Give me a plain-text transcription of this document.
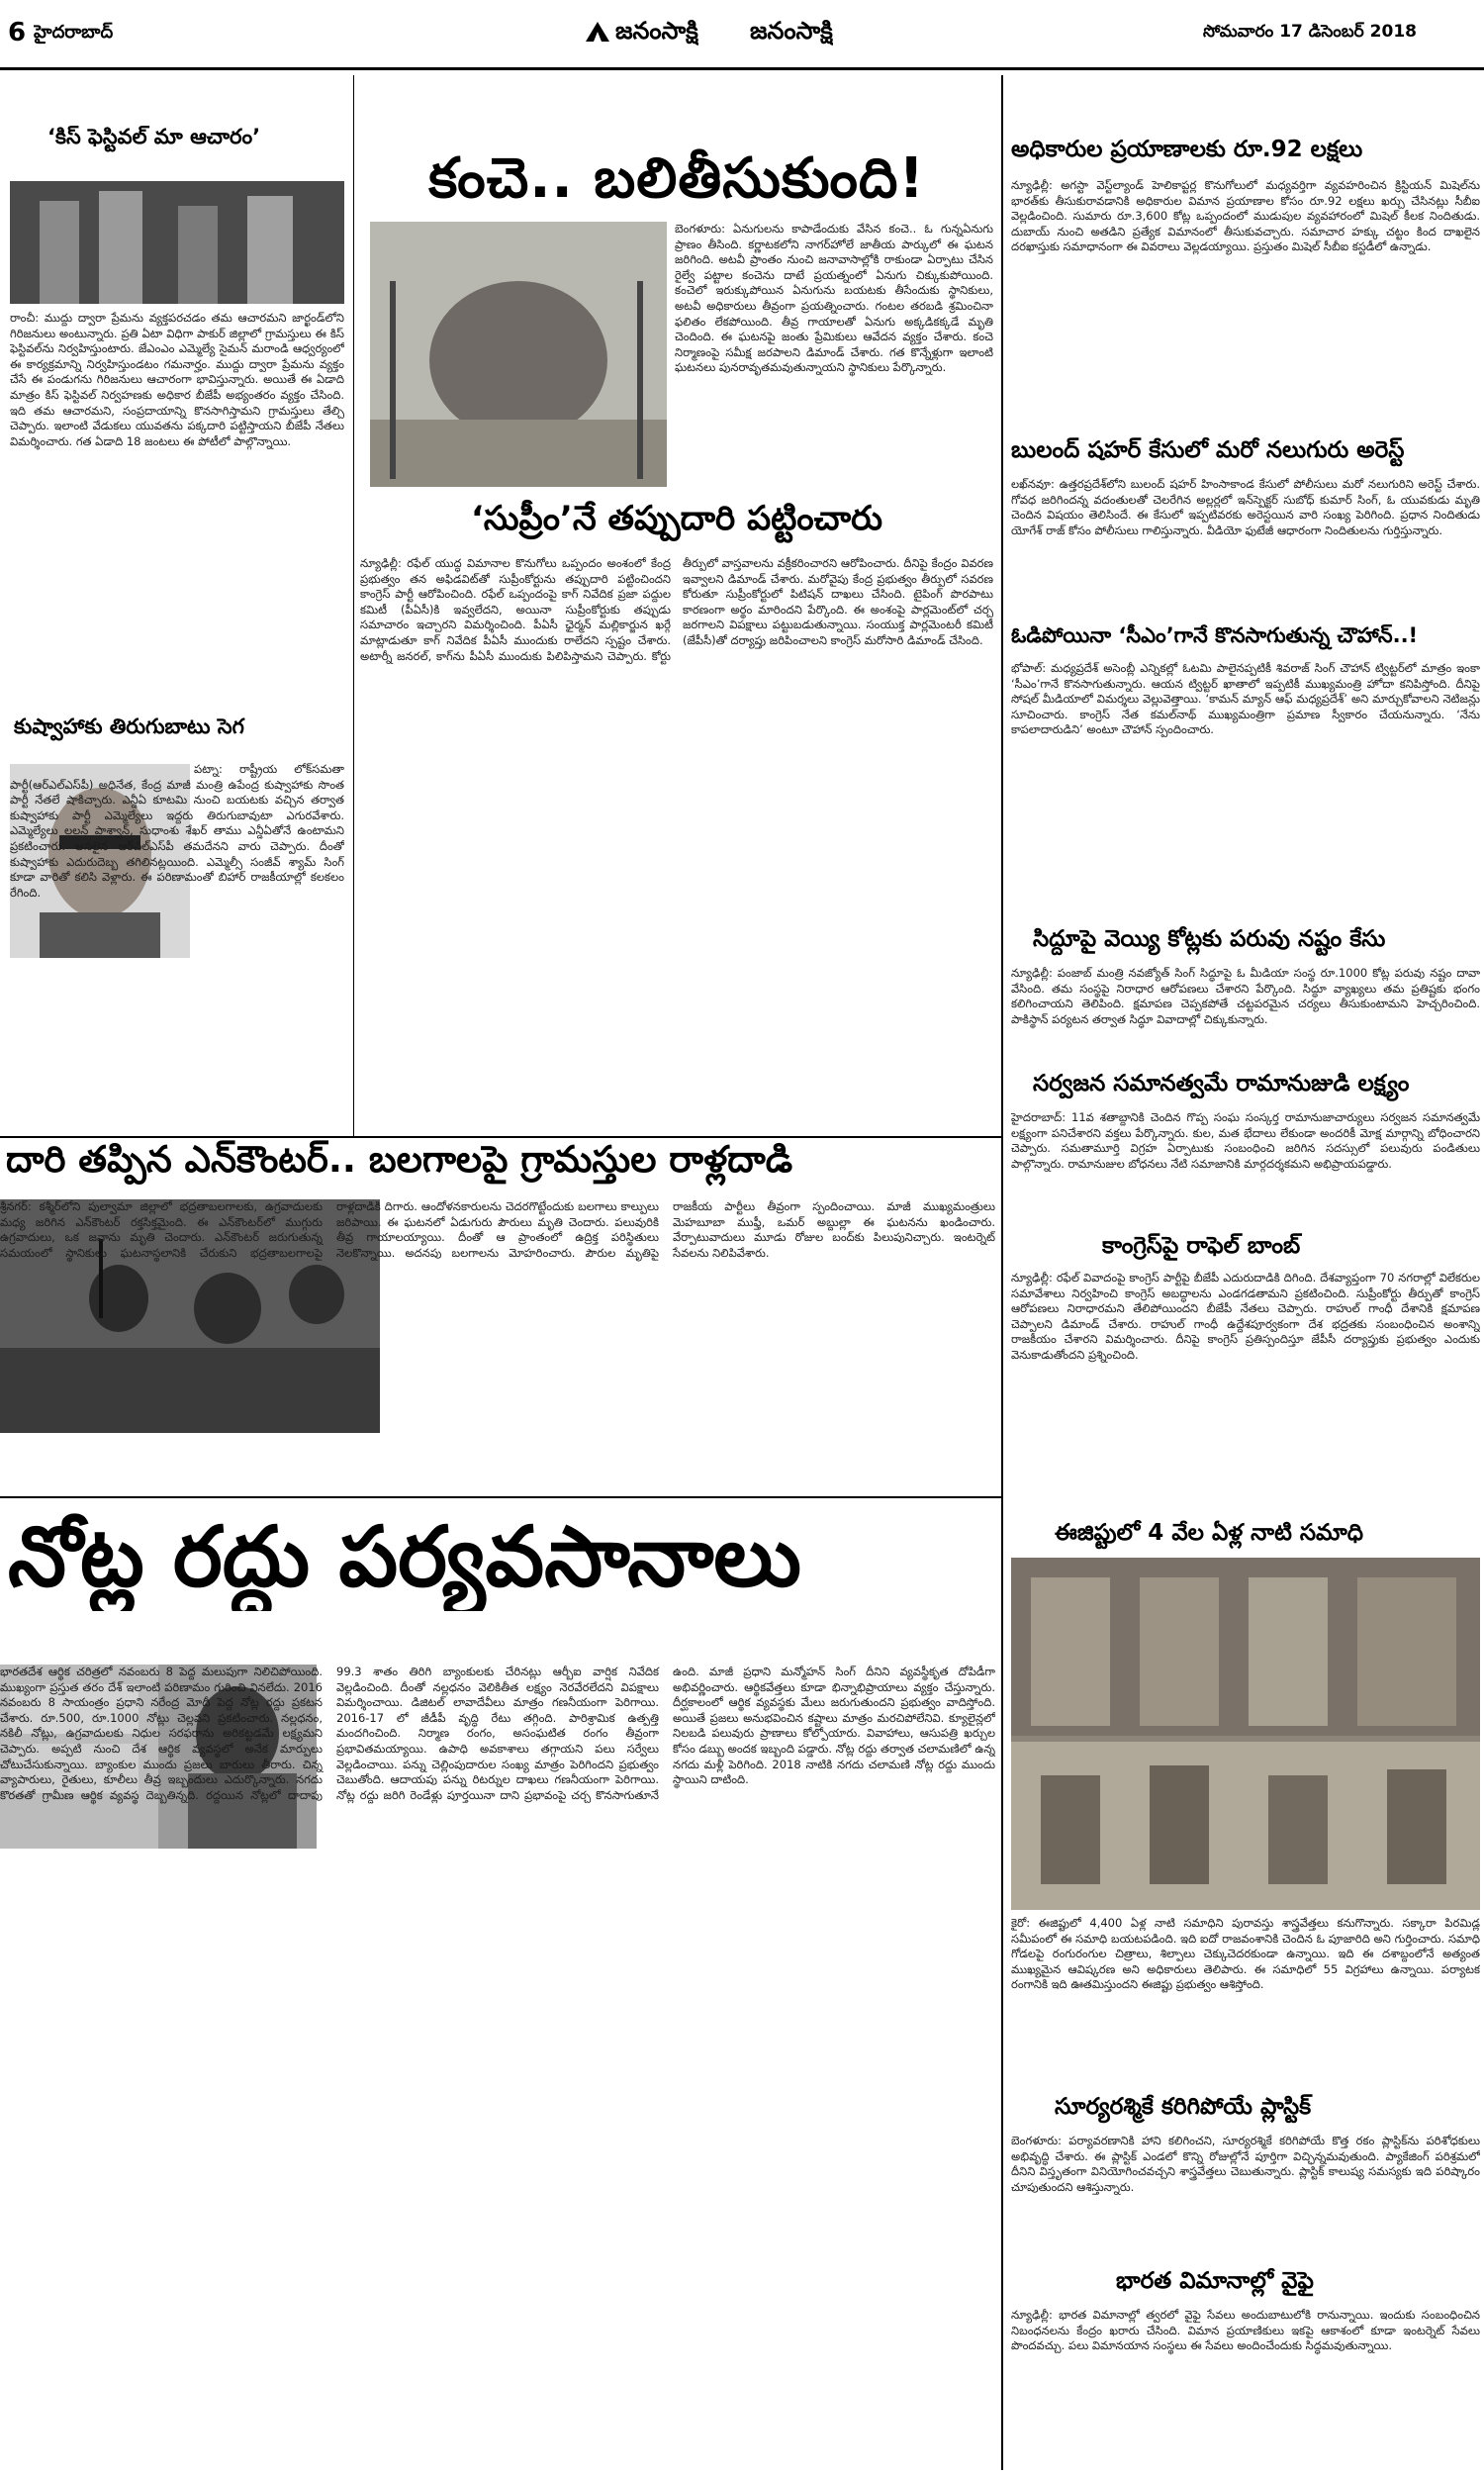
6 హైదరాబాద్	జనంసాక్షి జనంసాక్షి	సోమవారం 17 డిసెంబర్ 2018
‘కిస్ ఫెస్టివల్ మా ఆచారం’
రాంచీ: ముద్దు ద్వారా ప్రేమను వ్యక్తపరచడం తమ ఆచారమని జార్ఖండ్‌లోని గిరిజనులు అంటున్నారు. ప్రతి ఏటా విధిగా పాకుర్ జిల్లాలో గ్రామస్తులు ఈ కిస్ ఫెస్టివల్‌ను నిర్వహిస్తుంటారు. జేఎంఎం ఎమ్మెల్యే సైమన్ మరాండి ఆధ్వర్యంలో ఈ కార్యక్రమాన్ని నిర్వహిస్తుండటం గమనార్హం. ముద్దు ద్వారా ప్రేమను వ్యక్తం చేసే ఈ పండుగను గిరిజనులు ఆచారంగా భావిస్తున్నారు. అయితే ఈ ఏడాది మాత్రం కిస్ ఫెస్టివల్‌ నిర్వహణకు అధికార బీజేపీ అభ్యంతరం వ్యక్తం చేసింది. ఇది తమ ఆచారమని, సంప్రదాయాన్ని కొనసాగిస్తామని గ్రామస్తులు తేల్చి చెప్పారు. ఇలాంటి వేడుకలు యువతను పక్కదారి పట్టిస్తాయని బీజేపీ నేతలు విమర్శించారు. గత ఏడాది 18 జంటలు ఈ పోటీలో పాల్గొన్నాయి.
కుష్వాహాకు తిరుగుబాటు సెగ
పట్నా: రాష్ట్రీయ లోక్‌సమతా పార్టీ(ఆర్‌ఎల్‌ఎస్‌పీ) అధినేత, కేంద్ర మాజీ మంత్రి ఉపేంద్ర కుష్వాహాకు సొంత పార్టీ నేతలే షాకిచ్చారు. ఎన్డీఏ కూటమి నుంచి బయటకు వచ్చిన తర్వాత కుష్వాహాకు పార్టీ ఎమ్మెల్యేలు ఇద్దరు తిరుగుబావుటా ఎగురవేశారు. ఎమ్మెల్యేలు లలన్ పాశ్వాన్, సుధాంశు శేఖర్ తాము ఎన్డీఏతోనే ఉంటామని ప్రకటించారు. అసలైన ఆర్‌ఎల్‌ఎస్‌పీ తమదేనని వారు చెప్పారు. దీంతో కుష్వాహాకు ఎదురుదెబ్బ తగిలినట్లయింది. ఎమ్మెల్సీ సంజీవ్ శ్యామ్ సింగ్ కూడా వారితో కలిసి వెళ్లారు. ఈ పరిణామంతో బిహార్ రాజకీయాల్లో కలకలం రేగింది.
కంచె.. బలితీసుకుంది!
బెంగళూరు: ఏనుగులను కాపాడేందుకు వేసిన కంచె.. ఓ గున్నఏనుగు ప్రాణం తీసింది. కర్ణాటకలోని నాగర్‌హోలే జాతీయ పార్కులో ఈ ఘటన జరిగింది. అటవీ ప్రాంతం నుంచి జనావాసాల్లోకి రాకుండా ఏర్పాటు చేసిన రైల్వే పట్టాల కంచెను దాటే ప్రయత్నంలో ఏనుగు చిక్కుకుపోయింది. కంచెలో ఇరుక్కుపోయిన ఏనుగును బయటకు తీసేందుకు స్థానికులు, అటవీ అధికారులు తీవ్రంగా ప్రయత్నించారు. గంటల తరబడి శ్రమించినా ఫలితం లేకపోయింది. తీవ్ర గాయాలతో ఏనుగు అక్కడికక్కడే మృతి చెందింది. ఈ ఘటనపై జంతు ప్రేమికులు ఆవేదన వ్యక్తం చేశారు. కంచె నిర్మాణంపై సమీక్ష జరపాలని డిమాండ్ చేశారు. గత కొన్నేళ్లుగా ఇలాంటి ఘటనలు పునరావృతమవుతున్నాయని స్థానికులు పేర్కొన్నారు.
‘సుప్రీం’నే తప్పుదారి పట్టించారు
న్యూఢిల్లీ: రఫేల్ యుద్ధ విమానాల కొనుగోలు ఒప్పందం అంశంలో కేంద్ర ప్రభుత్వం తన అఫిడవిట్‌తో సుప్రీంకోర్టును తప్పుదారి పట్టించిందని కాంగ్రెస్ పార్టీ ఆరోపించింది. రఫేల్ ఒప్పందంపై కాగ్ నివేదిక ప్రజా పద్దుల కమిటీ (పీఏసీ)కి ఇవ్వలేదని, అయినా సుప్రీంకోర్టుకు తప్పుడు సమాచారం ఇచ్చారని విమర్శించింది. పీఏసీ ఛైర్మన్ మల్లికార్జున ఖర్గే మాట్లాడుతూ కాగ్ నివేదిక పీఏసీ ముందుకు రాలేదని స్పష్టం చేశారు. అటార్నీ జనరల్, కాగ్‌ను పీఏసీ ముందుకు పిలిపిస్తామని చెప్పారు. కోర్టు తీర్పులో వాస్తవాలను వక్రీకరించారని ఆరోపించారు. దీనిపై కేంద్రం వివరణ ఇవ్వాలని డిమాండ్ చేశారు. మరోవైపు కేంద్ర ప్రభుత్వం తీర్పులో సవరణ కోరుతూ సుప్రీంకోర్టులో పిటిషన్ దాఖలు చేసింది. టైపింగ్ పొరపాటు కారణంగా అర్థం మారిందని పేర్కొంది. ఈ అంశంపై పార్లమెంట్‌లో చర్చ జరగాలని విపక్షాలు పట్టుబడుతున్నాయి. సంయుక్త పార్లమెంటరీ కమిటీ (జేపీసీ)తో దర్యాప్తు జరిపించాలని కాంగ్రెస్ మరోసారి డిమాండ్ చేసింది.
దారి తప్పిన ఎన్‌కౌంటర్.. బలగాలపై గ్రామస్తుల రాళ్లదాడి
శ్రీనగర్: కశ్మీర్‌లోని పుల్వామా జిల్లాలో భద్రతాబలగాలకు, ఉగ్రవాదులకు మధ్య జరిగిన ఎన్‌కౌంటర్ రక్తసిక్తమైంది. ఈ ఎన్‌కౌంటర్‌లో ముగ్గురు ఉగ్రవాదులు, ఒక జవాను మృతి చెందారు. ఎన్‌కౌంటర్ జరుగుతున్న సమయంలో స్థానికులు ఘటనాస్థలానికి చేరుకుని భద్రతాబలగాలపై రాళ్లదాడికి దిగారు. ఆందోళనకారులను చెదరగొట్టేందుకు బలగాలు కాల్పులు జరిపాయి. ఈ ఘటనలో ఏడుగురు పౌరులు మృతి చెందారు. పలువురికి తీవ్ర గాయాలయ్యాయి. దీంతో ఆ ప్రాంతంలో ఉద్రిక్త పరిస్థితులు నెలకొన్నాయి. అదనపు బలగాలను మోహరించారు. పౌరుల మృతిపై రాజకీయ పార్టీలు తీవ్రంగా స్పందించాయి. మాజీ ముఖ్యమంత్రులు మెహబూబా ముఫ్తీ, ఒమర్ అబ్దుల్లా ఈ ఘటనను ఖండించారు. వేర్పాటువాదులు మూడు రోజుల బంద్‌కు పిలుపునిచ్చారు. ఇంటర్నెట్ సేవలను నిలిపివేశారు.
నోట్ల రద్దు పర్యవసానాలు
భారతదేశ ఆర్థిక చరిత్రలో నవంబరు 8 పెద్ద మలుపుగా నిలిచిపోయింది. ముఖ్యంగా ప్రస్తుత తరం దేశ్ ఇలాంటి పరిణామం గురించి వినలేదు. 2016 నవంబరు 8 సాయంత్రం ప్రధాని నరేంద్ర మోదీ పెద్ద నోట్ల రద్దు ప్రకటన చేశారు. రూ.500, రూ.1000 నోట్లు చెల్లవని ప్రకటించారు. నల్లధనం, నకిలీ నోట్లు, ఉగ్రవాదులకు నిధుల సరఫరాను అరికట్టడమే లక్ష్యమని చెప్పారు. అప్పటి నుంచి దేశ ఆర్థిక వ్యవస్థలో అనేక మార్పులు చోటుచేసుకున్నాయి. బ్యాంకుల ముందు ప్రజలు బారులు తీరారు. చిన్న వ్యాపారులు, రైతులు, కూలీలు తీవ్ర ఇబ్బందులు ఎదుర్కొన్నారు. నగదు కొరతతో గ్రామీణ ఆర్థిక వ్యవస్థ దెబ్బతిన్నది. రద్దయిన నోట్లలో దాదాపు 99.3 శాతం తిరిగి బ్యాంకులకు చేరినట్లు ఆర్బీఐ వార్షిక నివేదిక వెల్లడించింది. దీంతో నల్లధనం వెలికితీత లక్ష్యం నెరవేరలేదని విపక్షాలు విమర్శించాయి. డిజిటల్ లావాదేవీలు మాత్రం గణనీయంగా పెరిగాయి. 2016-17 లో జీడీపీ వృద్ధి రేటు తగ్గింది. పారిశ్రామిక ఉత్పత్తి మందగించింది. నిర్మాణ రంగం, అసంఘటిత రంగం తీవ్రంగా ప్రభావితమయ్యాయి. ఉపాధి అవకాశాలు తగ్గాయని పలు సర్వేలు వెల్లడించాయి. పన్ను చెల్లింపుదారుల సంఖ్య మాత్రం పెరిగిందని ప్రభుత్వం చెబుతోంది. ఆదాయపు పన్ను రిటర్నుల దాఖలు గణనీయంగా పెరిగాయి. నోట్ల రద్దు జరిగి రెండేళ్లు పూర్తయినా దాని ప్రభావంపై చర్చ కొనసాగుతూనే ఉంది. మాజీ ప్రధాని మన్మోహన్ సింగ్ దీనిని వ్యవస్థీకృత దోపిడీగా అభివర్ణించారు. ఆర్థికవేత్తలు కూడా భిన్నాభిప్రాయాలు వ్యక్తం చేస్తున్నారు. దీర్ఘకాలంలో ఆర్థిక వ్యవస్థకు మేలు జరుగుతుందని ప్రభుత్వం వాదిస్తోంది. అయితే ప్రజలు అనుభవించిన కష్టాలు మాత్రం మరచిపోలేనివి. క్యూలైన్లలో నిలబడి పలువురు ప్రాణాలు కోల్పోయారు. వివాహాలు, ఆసుపత్రి ఖర్చుల కోసం డబ్బు అందక ఇబ్బంది పడ్డారు. నోట్ల రద్దు తర్వాత చలామణిలో ఉన్న నగదు మళ్లీ పెరిగింది. 2018 నాటికి నగదు చలామణి నోట్ల రద్దు ముందు స్థాయిని దాటింది.
అధికారుల ప్రయాణాలకు రూ.92 లక్షలు
న్యూఢిల్లీ: అగస్టా వెస్ట్‌ల్యాండ్ హెలికాప్టర్ల కొనుగోలులో మధ్యవర్తిగా వ్యవహరించిన క్రిస్టియన్ మిషెల్‌ను భారత్‌కు తీసుకురావడానికి అధికారుల విమాన ప్రయాణాల కోసం రూ.92 లక్షలు ఖర్చు చేసినట్లు సీబీఐ వెల్లడించింది. సుమారు రూ.3,600 కోట్ల ఒప్పందంలో ముడుపుల వ్యవహారంలో మిషెల్ కీలక నిందితుడు. దుబాయ్ నుంచి అతడిని ప్రత్యేక విమానంలో తీసుకువచ్చారు. సమాచార హక్కు చట్టం కింద దాఖలైన దరఖాస్తుకు సమాధానంగా ఈ వివరాలు వెల్లడయ్యాయి. ప్రస్తుతం మిషెల్ సీబీఐ కస్టడీలో ఉన్నాడు.
బులంద్ షహర్ కేసులో మరో నలుగురు అరెస్ట్
లఖ్‌నవూ: ఉత్తరప్రదేశ్‌లోని బులంద్ షహర్ హింసాకాండ కేసులో పోలీసులు మరో నలుగురిని అరెస్ట్ చేశారు. గోవధ జరిగిందన్న వదంతులతో చెలరేగిన అల్లర్లలో ఇన్‌స్పెక్టర్ సుబోధ్ కుమార్ సింగ్, ఓ యువకుడు మృతి చెందిన విషయం తెలిసిందే. ఈ కేసులో ఇప్పటివరకు అరెస్టయిన వారి సంఖ్య పెరిగింది. ప్రధాన నిందితుడు యోగేశ్ రాజ్ కోసం పోలీసులు గాలిస్తున్నారు. వీడియో ఫుటేజీ ఆధారంగా నిందితులను గుర్తిస్తున్నారు.
ఓడిపోయినా ‘సీఎం’గానే కొనసాగుతున్న చౌహాన్..!
భోపాల్: మధ్యప్రదేశ్ అసెంబ్లీ ఎన్నికల్లో ఓటమి పాలైనప్పటికీ శివరాజ్ సింగ్ చౌహాన్ ట్విట్టర్‌లో మాత్రం ఇంకా ‘సీఎం’గానే కొనసాగుతున్నారు. ఆయన ట్విట్టర్ ఖాతాలో ఇప్పటికీ ముఖ్యమంత్రి హోదా కనిపిస్తోంది. దీనిపై సోషల్ మీడియాలో విమర్శలు వెల్లువెత్తాయి. ‘కామన్ మ్యాన్ ఆఫ్ మధ్యప్రదేశ్’ అని మార్చుకోవాలని నెటిజన్లు సూచించారు. కాంగ్రెస్ నేత కమల్‌నాథ్ ముఖ్యమంత్రిగా ప్రమాణ స్వీకారం చేయనున్నారు. ‘నేను కాపలాదారుడిని’ అంటూ చౌహాన్ స్పందించారు.
సిద్దూపై వెయ్యి కోట్లకు పరువు నష్టం కేసు
న్యూఢిల్లీ: పంజాబ్ మంత్రి నవజ్యోత్ సింగ్ సిద్ధూపై ఓ మీడియా సంస్థ రూ.1000 కోట్ల పరువు నష్టం దావా వేసింది. తమ సంస్థపై నిరాధార ఆరోపణలు చేశారని పేర్కొంది. సిద్ధూ వ్యాఖ్యలు తమ ప్రతిష్టకు భంగం కలిగించాయని తెలిపింది. క్షమాపణ చెప్పకపోతే చట్టపరమైన చర్యలు తీసుకుంటామని హెచ్చరించింది. పాకిస్థాన్ పర్యటన తర్వాత సిద్ధూ వివాదాల్లో చిక్కుకున్నారు.
సర్వజన సమానత్వమే రామానుజుడి లక్ష్యం
హైదరాబాద్: 11వ శతాబ్దానికి చెందిన గొప్ప సంఘ సంస్కర్త రామానుజాచార్యులు సర్వజన సమానత్వమే లక్ష్యంగా పనిచేశారని వక్తలు పేర్కొన్నారు. కుల, మత భేదాలు లేకుండా అందరికీ మోక్ష మార్గాన్ని బోధించారని చెప్పారు. సమతామూర్తి విగ్రహ ఏర్పాటుకు సంబంధించి జరిగిన సదస్సులో పలువురు పండితులు పాల్గొన్నారు. రామానుజుల బోధనలు నేటి సమాజానికి మార్గదర్శకమని అభిప్రాయపడ్డారు.
కాంగ్రెస్‌పై రాఫెల్ బాంబ్
న్యూఢిల్లీ: రఫేల్ వివాదంపై కాంగ్రెస్ పార్టీపై బీజేపీ ఎదురుదాడికి దిగింది. దేశవ్యాప్తంగా 70 నగరాల్లో విలేకరుల సమావేశాలు నిర్వహించి కాంగ్రెస్ అబద్ధాలను ఎండగడతామని ప్రకటించింది. సుప్రీంకోర్టు తీర్పుతో కాంగ్రెస్ ఆరోపణలు నిరాధారమని తేలిపోయిందని బీజేపీ నేతలు చెప్పారు. రాహుల్ గాంధీ దేశానికి క్షమాపణ చెప్పాలని డిమాండ్ చేశారు. రాహుల్ గాంధీ ఉద్దేశపూర్వకంగా దేశ భద్రతకు సంబంధించిన అంశాన్ని రాజకీయం చేశారని విమర్శించారు. దీనిపై కాంగ్రెస్ ప్రతిస్పందిస్తూ జేపీసీ దర్యాప్తుకు ప్రభుత్వం ఎందుకు వెనుకాడుతోందని ప్రశ్నించింది.
ఈజిప్టులో 4 వేల ఏళ్ల నాటి సమాధి
కైరో: ఈజిప్టులో 4,400 ఏళ్ల నాటి సమాధిని పురావస్తు శాస్త్రవేత్తలు కనుగొన్నారు. సక్కారా పిరమిడ్ల సమీపంలో ఈ సమాధి బయటపడింది. ఇది ఐదో రాజవంశానికి చెందిన ఓ పూజారిది అని గుర్తించారు. సమాధి గోడలపై రంగురంగుల చిత్రాలు, శిల్పాలు చెక్కుచెదరకుండా ఉన్నాయి. ఇది ఈ దశాబ్దంలోనే అత్యంత ముఖ్యమైన ఆవిష్కరణ అని అధికారులు తెలిపారు. ఈ సమాధిలో 55 విగ్రహాలు ఉన్నాయి. పర్యాటక రంగానికి ఇది ఊతమిస్తుందని ఈజిప్టు ప్రభుత్వం ఆశిస్తోంది.
సూర్యరశ్మికే కరిగిపోయే ప్లాస్టిక్
బెంగళూరు: పర్యావరణానికి హాని కలిగించని, సూర్యరశ్మికే కరిగిపోయే కొత్త రకం ప్లాస్టిక్‌ను పరిశోధకులు అభివృద్ధి చేశారు. ఈ ప్లాస్టిక్ ఎండలో కొన్ని రోజుల్లోనే పూర్తిగా విచ్ఛిన్నమవుతుంది. ప్యాకేజింగ్ పరిశ్రమలో దీనిని విస్తృతంగా వినియోగించవచ్చని శాస్త్రవేత్తలు చెబుతున్నారు. ప్లాస్టిక్ కాలుష్య సమస్యకు ఇది పరిష్కారం చూపుతుందని ఆశిస్తున్నారు.
భారత విమానాల్లో వైఫై
న్యూఢిల్లీ: భారత విమానాల్లో త్వరలో వైఫై సేవలు అందుబాటులోకి రానున్నాయి. ఇందుకు సంబంధించిన నిబంధనలను కేంద్రం ఖరారు చేసింది. విమాన ప్రయాణికులు ఇకపై ఆకాశంలో కూడా ఇంటర్నెట్ సేవలు పొందవచ్చు. పలు విమానయాన సంస్థలు ఈ సేవలు అందించేందుకు సిద్ధమవుతున్నాయి.
